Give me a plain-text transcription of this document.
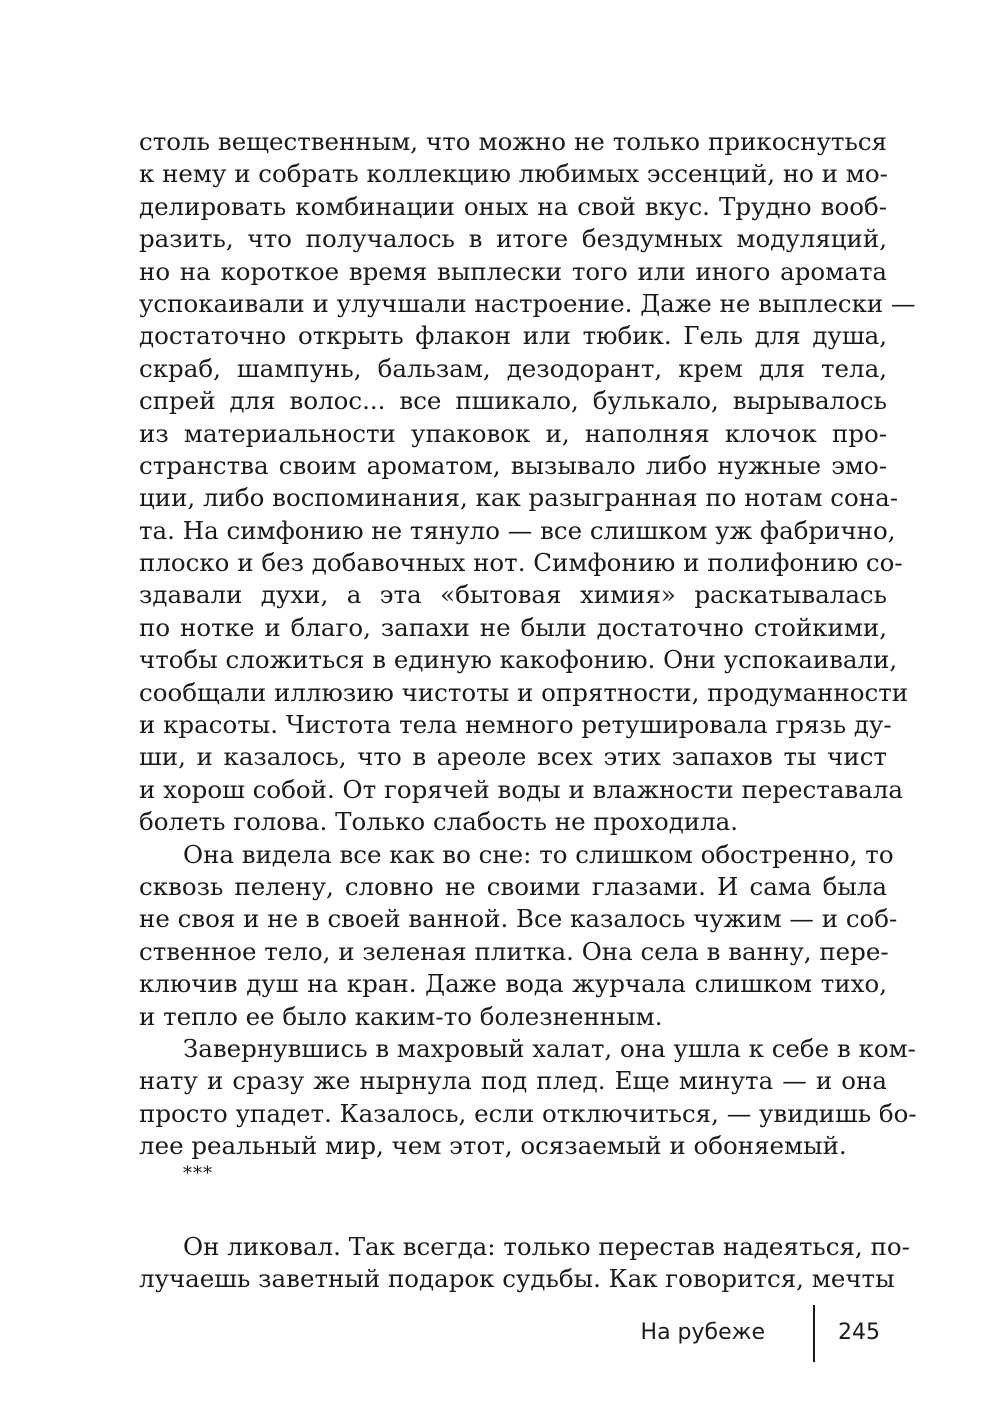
столь вещественным, что можно не только прикоснуться
к нему и собрать коллекцию любимых эссенций, но и мо-
делировать комбинации оных на свой вкус. Трудно вооб-
разить, что получалось в итоге бездумных модуляций,
но на короткое время выплески того или иного аромата
успокаивали и улучшали настроение. Даже не выплески —
достаточно открыть флакон или тюбик. Гель для душа,
скраб, шампунь, бальзам, дезодорант, крем для тела,
спрей для волос... все пшикало, булькало, вырывалось
из материальности упаковок и, наполняя клочок про-
странства своим ароматом, вызывало либо нужные эмо-
ции, либо воспоминания, как разыгранная по нотам сона-
та. На симфонию не тянуло — все слишком уж фабрично,
плоско и без добавочных нот. Симфонию и полифонию со-
здавали духи, а эта «бытовая химия» раскатывалась
по нотке и благо, запахи не были достаточно стойкими,
чтобы сложиться в единую какофонию. Они успокаивали,
сообщали иллюзию чистоты и опрятности, продуманности
и красоты. Чистота тела немного ретушировала грязь ду-
ши, и казалось, что в ареоле всех этих запахов ты чист
и хорош собой. От горячей воды и влажности переставала
болеть голова. Только слабость не проходила.
Она видела все как во сне: то слишком обостренно, то
сквозь пелену, словно не своими глазами. И сама была
не своя и не в своей ванной. Все казалось чужим — и соб-
ственное тело, и зеленая плитка. Она села в ванну, пере-
ключив душ на кран. Даже вода журчала слишком тихо,
и тепло ее было каким-то болезненным.
Завернувшись в махровый халат, она ушла к себе в ком-
нату и сразу же нырнула под плед. Еще минута — и она
просто упадет. Казалось, если отключиться, — увидишь бо-
лее реальный мир, чем этот, осязаемый и обоняемый.
***
Он ликовал. Так всегда: только перестав надеяться, по-
лучаешь заветный подарок судьбы. Как говорится, мечты
На рубеже	245
